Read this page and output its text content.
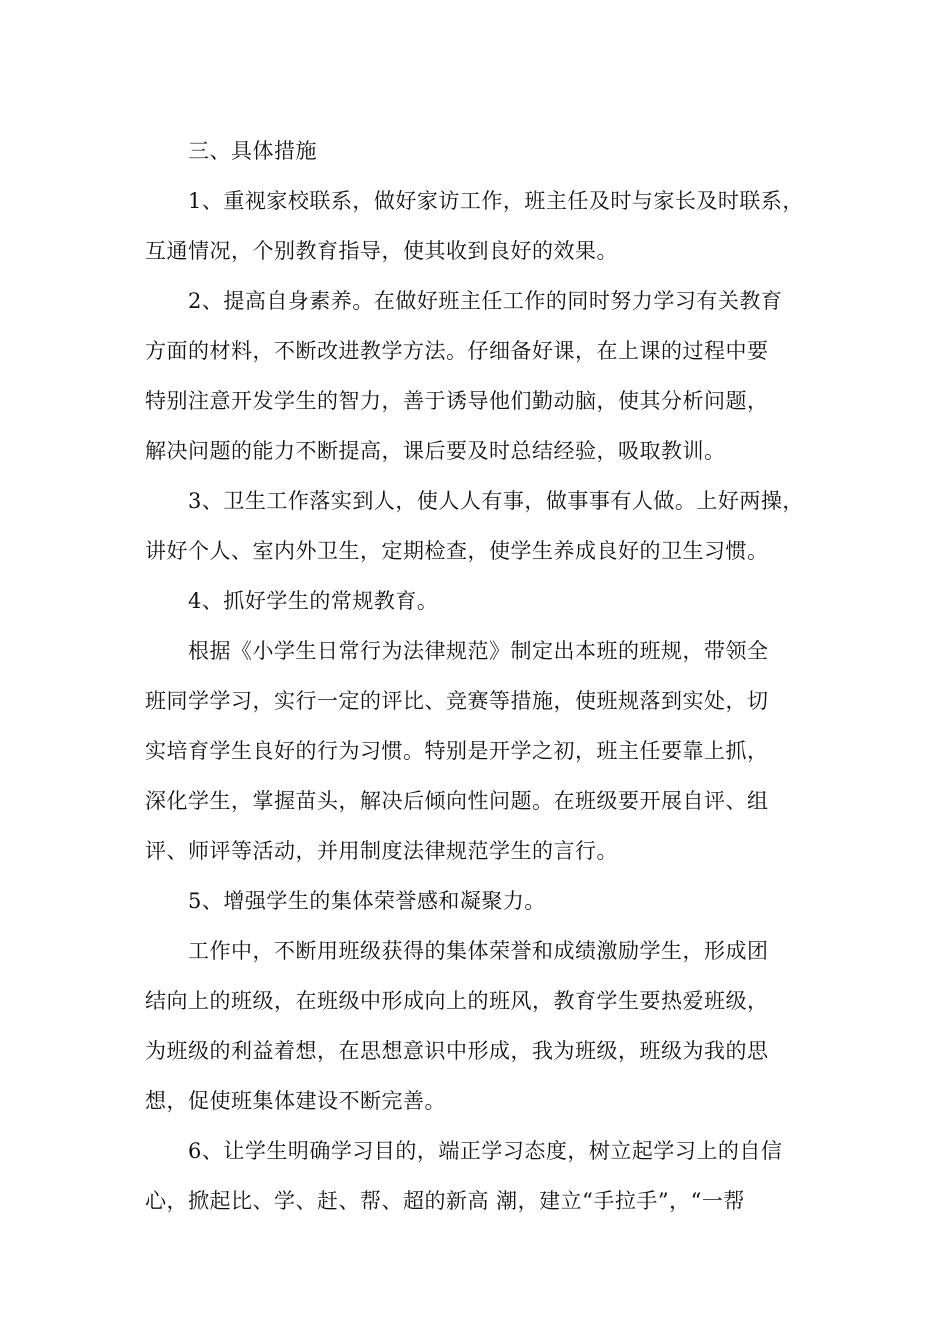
三、具体措施
1、重视家校联系，做好家访工作，班主任及时与家长及时联系，
互通情况，个别教育指导，使其收到良好的效果。
2、提高自身素养。在做好班主任工作的同时努力学习有关教育
方面的材料，不断改进教学方法。仔细备好课，在上课的过程中要
特别注意开发学生的智力，善于诱导他们勤动脑，使其分析问题，
解决问题的能力不断提高，课后要及时总结经验，吸取教训。
3、卫生工作落实到人，使人人有事，做事事有人做。上好两操，
讲好个人、室内外卫生，定期检查，使学生养成良好的卫生习惯。
4、抓好学生的常规教育。
根据《小学生日常行为法律规范》制定出本班的班规，带领全
班同学学习，实行一定的评比、竞赛等措施，使班规落到实处，切
实培育学生良好的行为习惯。特别是开学之初，班主任要靠上抓，
深化学生，掌握苗头，解决后倾向性问题。在班级要开展自评、组
评、师评等活动，并用制度法律规范学生的言行。
5、增强学生的集体荣誉感和凝聚力。
工作中，不断用班级获得的集体荣誉和成绩激励学生，形成团
结向上的班级，在班级中形成向上的班风，教育学生要热爱班级，
为班级的利益着想，在思想意识中形成，我为班级，班级为我的思
想，促使班集体建设不断完善。
6、让学生明确学习目的，端正学习态度，树立起学习上的自信
心，掀起比、学、赶、帮、超的新高 潮，建立“手拉手”，“一帮
